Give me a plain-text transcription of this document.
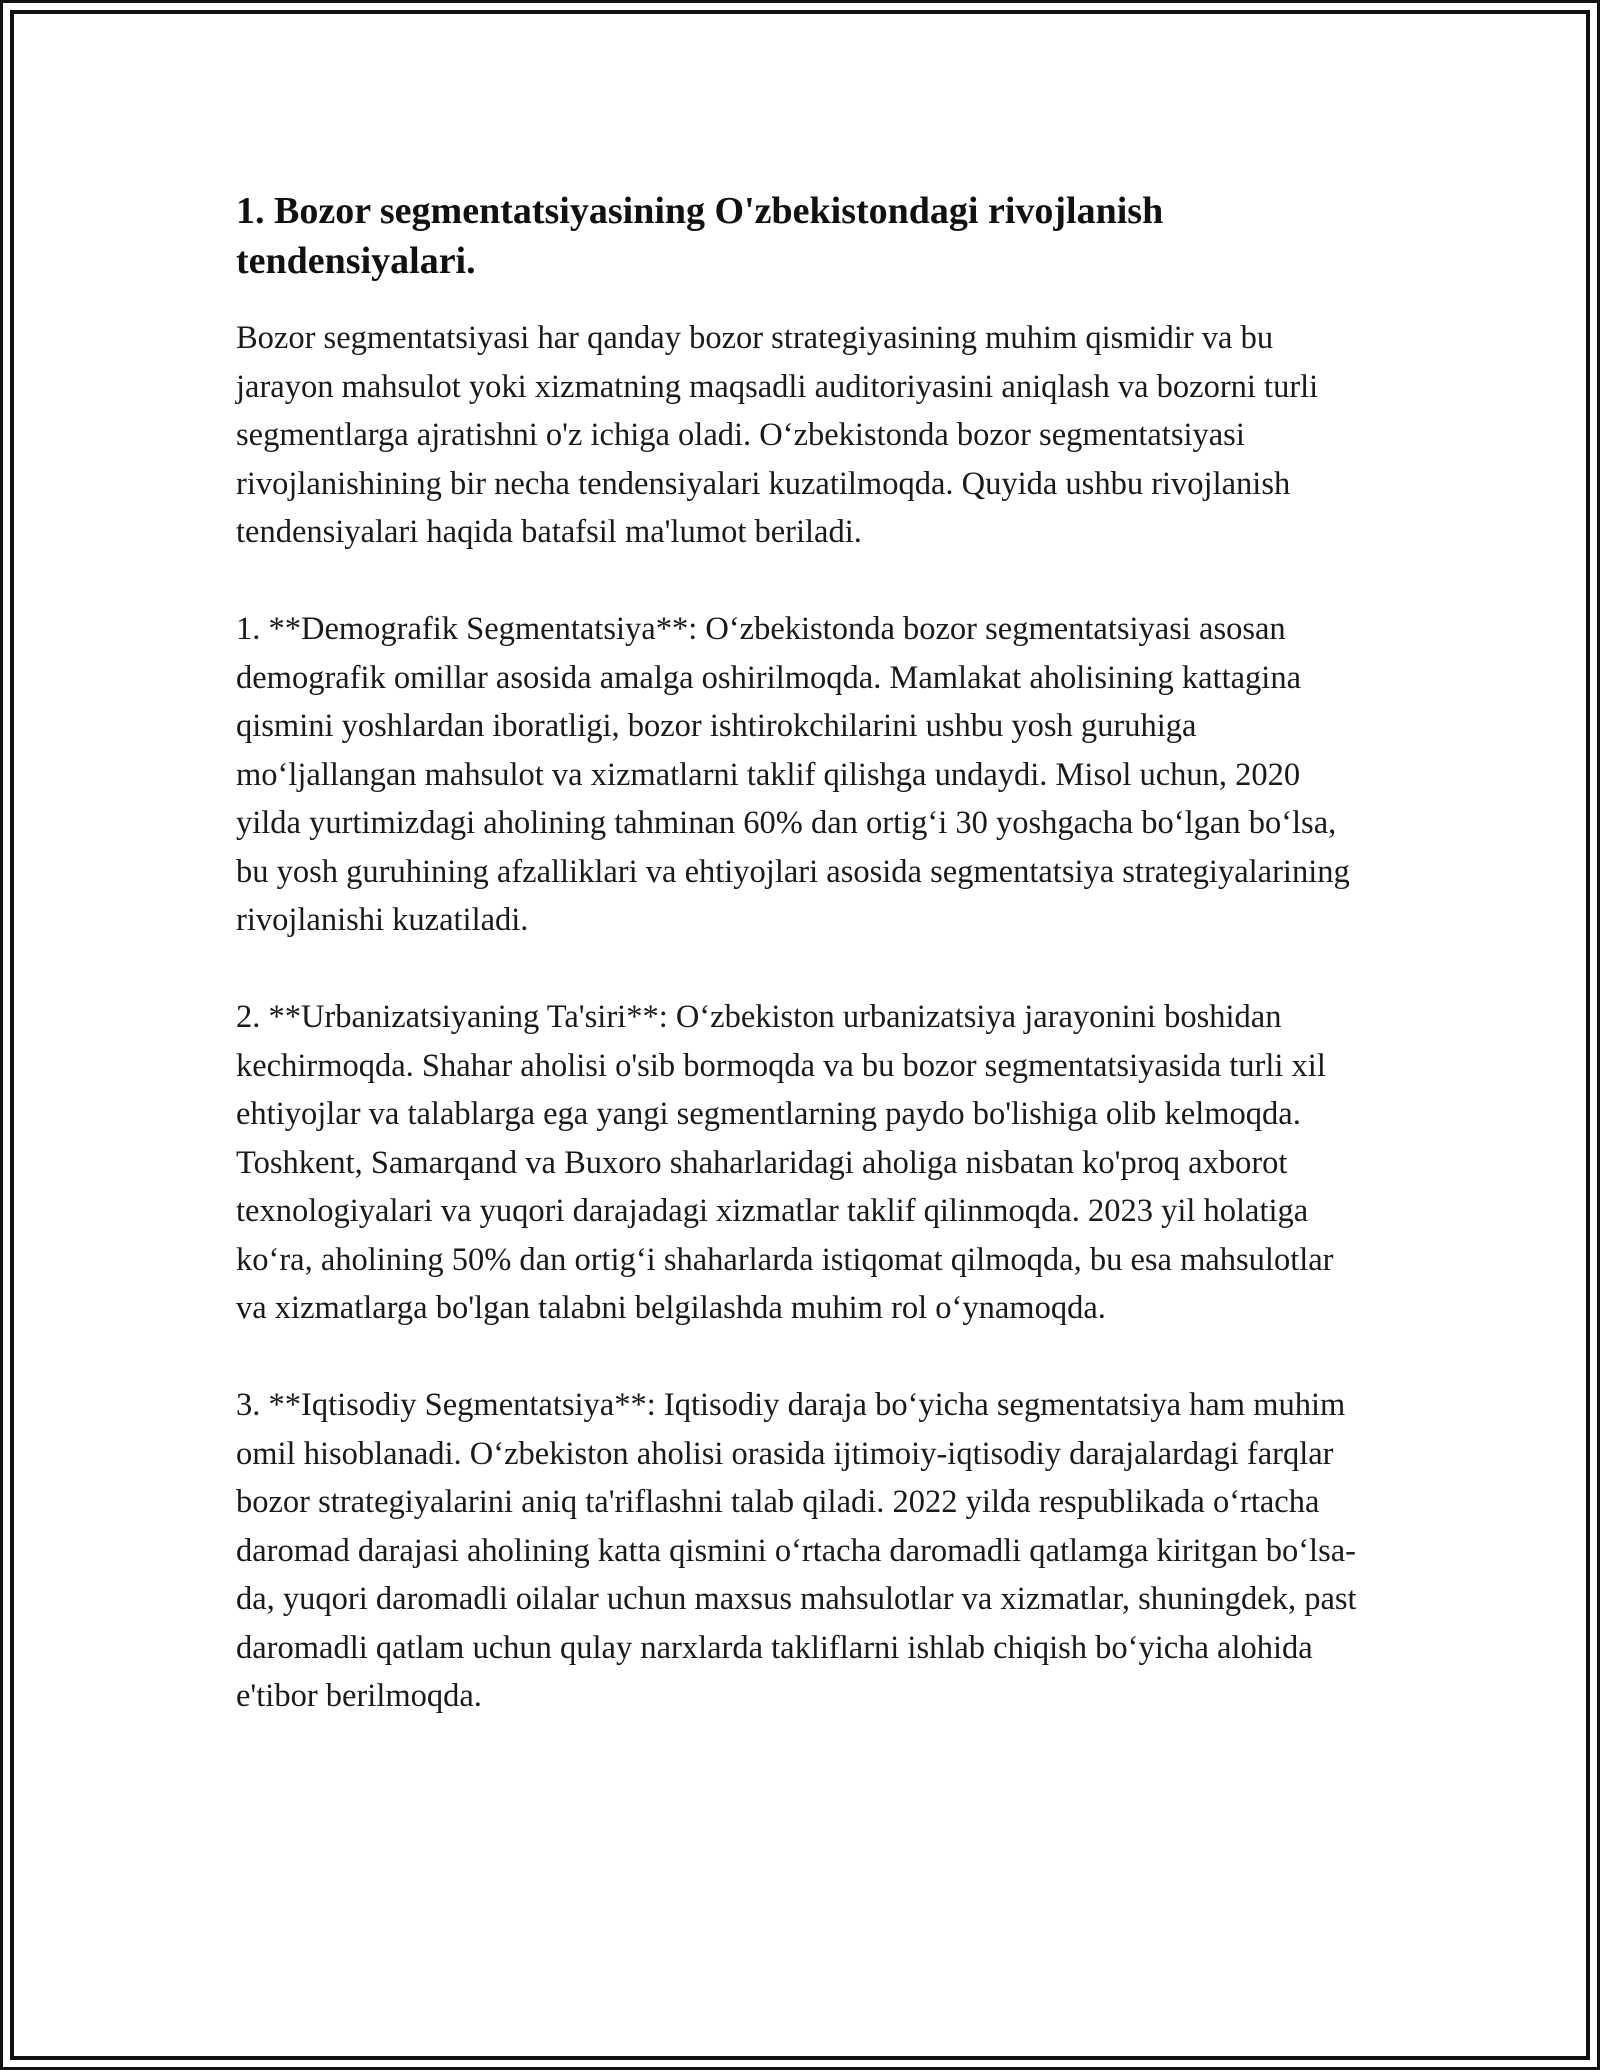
1. Bozor segmentatsiyasining O'zbekistondagi rivojlanish tendensiyalari.

Bozor segmentatsiyasi har qanday bozor strategiyasining muhim qismidir va bu jarayon mahsulot yoki xizmatning maqsadli auditoriyasini aniqlash va bozorni turli segmentlarga ajratishni o'z ichiga oladi. O‘zbekistonda bozor segmentatsiyasi rivojlanishining bir necha tendensiyalari kuzatilmoqda. Quyida ushbu rivojlanish tendensiyalari haqida batafsil ma'lumot beriladi.

1. **Demografik Segmentatsiya**: O‘zbekistonda bozor segmentatsiyasi asosan demografik omillar asosida amalga oshirilmoqda. Mamlakat aholisining kattagina qismini yoshlardan iboratligi, bozor ishtirokchilarini ushbu yosh guruhiga mo‘ljallangan mahsulot va xizmatlarni taklif qilishga undaydi. Misol uchun, 2020 yilda yurtimizdagi aholining tahminan 60% dan ortig‘i 30 yoshgacha bo‘lgan bo‘lsa, bu yosh guruhining afzalliklari va ehtiyojlari asosida segmentatsiya strategiyalarining rivojlanishi kuzatiladi.

2. **Urbanizatsiyaning Ta'siri**: O‘zbekiston urbanizatsiya jarayonini boshidan kechirmoqda. Shahar aholisi o'sib bormoqda va bu bozor segmentatsiyasida turli xil ehtiyojlar va talablarga ega yangi segmentlarning paydo bo'lishiga olib kelmoqda. Toshkent, Samarqand va Buxoro shaharlaridagi aholiga nisbatan ko'proq axborot texnologiyalari va yuqori darajadagi xizmatlar taklif qilinmoqda. 2023 yil holatiga ko‘ra, aholining 50% dan ortig‘i shaharlarda istiqomat qilmoqda, bu esa mahsulotlar va xizmatlarga bo'lgan talabni belgilashda muhim rol o‘ynamoqda.

3. **Iqtisodiy Segmentatsiya**: Iqtisodiy daraja bo‘yicha segmentatsiya ham muhim omil hisoblanadi. O‘zbekiston aholisi orasida ijtimoiy-iqtisodiy darajalardagi farqlar bozor strategiyalarini aniq ta'riflashni talab qiladi. 2022 yilda respublikada o‘rtacha daromad darajasi aholining katta qismini o‘rtacha daromadli qatlamga kiritgan bo‘lsa-da, yuqori daromadli oilalar uchun maxsus mahsulotlar va xizmatlar, shuningdek, past daromadli qatlam uchun qulay narxlarda takliflarni ishlab chiqish bo‘yicha alohida e'tibor berilmoqda.
